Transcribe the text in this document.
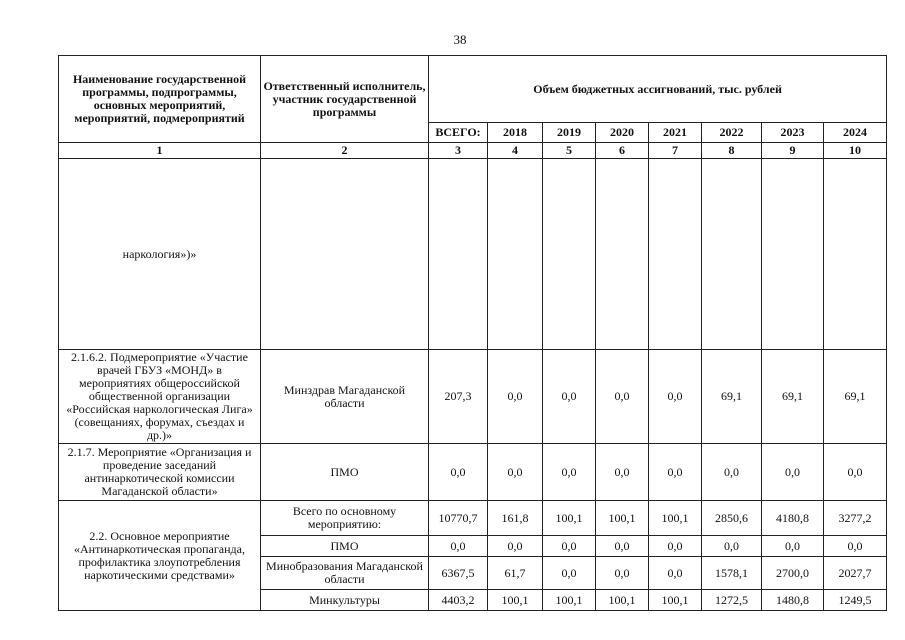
38
Наименование государственной программы, подпрограммы, основных мероприятий, мероприятий, подмероприятий	Ответственный исполнитель, участник государственной программы	Объем бюджетных ассигнований, тыс. рублей							
		ВСЕГО:	2018	2019	2020	2021	2022	2023	2024
1	2	3	4	5	6	7	8	9	10
наркология»)»									
2.1.6.2. Подмероприятие «Участие врачей ГБУЗ «МОНД» в мероприятиях общероссийской общественной организации «Российская наркологическая Лига» (совещаниях, форумах, съездах и др.)»	Минздрав Магаданской области	207,3	0,0	0,0	0,0	0,0	69,1	69,1	69,1
2.1.7. Мероприятие «Организация и проведение заседаний антинаркотической комиссии Магаданской области»	ПМО	0,0	0,0	0,0	0,0	0,0	0,0	0,0	0,0
2.2. Основное мероприятие «Антинаркотическая пропаганда, профилактика злоупотребления наркотическими средствами»	Всего по основному мероприятию:	10770,7	161,8	100,1	100,1	100,1	2850,6	4180,8	3277,2
	ПМО	0,0	0,0	0,0	0,0	0,0	0,0	0,0	0,0
	Минобразования Магаданской области	6367,5	61,7	0,0	0,0	0,0	1578,1	2700,0	2027,7
	Минкультуры	4403,2	100,1	100,1	100,1	100,1	1272,5	1480,8	1249,5
